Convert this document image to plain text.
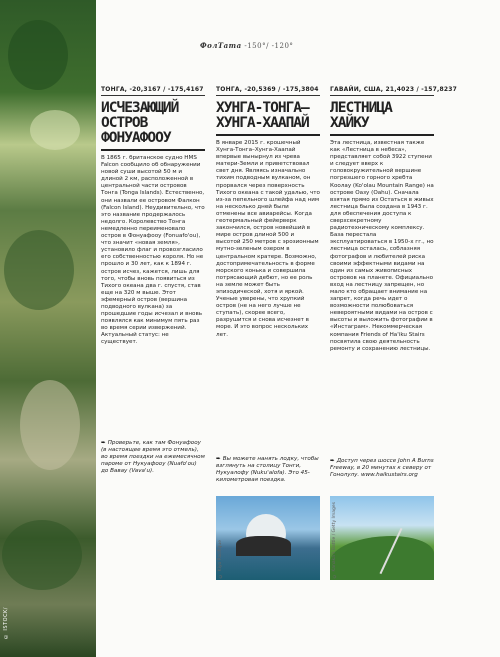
© ISTOCK/
ФолТата -150°/ -120°
ТОНГА, -20,3167 / -175,4167
ИСЧЕЗАЮЩИЙ ОСТРОВ ФОНУАФООУ

В 1865 г. британское судно HMS Falcon сообщило об обнаружении новой суши высотой 50 м и длиной 2 км, расположенной в центральной части островов Тонга (Tonga Islands). Естественно, они назвали ее островом Фалкон (Falcon Island). Неудивительно, что это название продержалось недолго. Королевство Тонга немедленно переименовало остров в Фонуафооу (Fonuafo'ou), что значит «новая земля», установило флаг и провозгласило его собственностью короля. Но не прошло и 30 лет, как к 1894 г. остров исчез, кажется, лишь для того, чтобы вновь появиться из Тихого океана два г. спустя, став еще на 320 м выше. Этот эфемерный остров (вершина подводного вулкана) за прошедшие годы исчезал и вновь появлялся как минимум пять раз во время серии извержений. Актуальный статус: не существует.

ТОНГА, -20,5369 / -175,3804
ХУНГА-ТОНГА–ХУНГА-ХААПАЙ

В январе 2015 г. крошечный Хунга-Тонга–Хунга-Хаапай впервые вынырнул из чрева матери-Земли и приветствовал свет дня. Являясь изначально тихим подводным вулканом, он прорвался через поверхность Тихого океана с такой удалью, что из-за пепельного шлейфа над ним на несколько дней были отменены все авиарейсы. Когда геотермальный фейерверк закончился, остров новейший в мире остров длиной 500 и высотой 250 метров с эрозионным мутно-зеленым озером в центральном кратере. Возможно, достопримечательность в форме морского конька и совершила потрясающий дебют, но ее роль на земле может быть эпизодической, хотя и яркой. Ученые уверены, что хрупкий остров (не на него лучше не ступать), скорее всего, разрушится и снова исчезнет в море. И это вопрос нескольких лет.

ГАВАЙИ, США, 21,4023 / -157,8237
ЛЕСТНИЦА ХАЙКУ

Эта лестница, известная также как «Лестница в небеса», представляет собой 3922 ступени и следует вверх к головокружительной вершине погрезшего горного хребта Коолау (Ko'olau Mountain Range) на острове Оазу (Oahu). Сначала взятая прямо из Остаться в живых лестница была создана в 1943 г. для обеспечения доступа к сверхсекретному радиотехническому комплексу. База перестала эксплуатироваться в 1950-х гг., но лестница осталась, соблазняя фотографов и любителей риска своими эффектными видами на один из самых живописных островов на планете. Официально вход на лестницу запрещен, но мало кто обращает внимание на запрет, когда речь идет о возможности полюбоваться невероятными видами на остров с высоты и выложить фотографии в «Инстаграм». Некоммерческая компания Friends of Ha'iku Stairs посвятила свою деятельность ремонту и сохранению лестницы.

➨ Проверьте, как там Фонуафооу (в настоящее время это отмель), во время поездки на ежемесячном пароме от Нукуафооу (Nuafo'ou) до Вавау (Vava'u).
➨ Вы можете нанять лодку, чтобы взглянуть на столицу Тонги, Нукуалофу (Nuku'alofa). Это 45-километровая поездка.
➨ Доступ через шоссе John A Burns Freeway, в 20 минутах к северу от Гонолулу. www.haikustairs.org
© Kiyo Pacifique	© Kanaka's Battle / Getty Images
